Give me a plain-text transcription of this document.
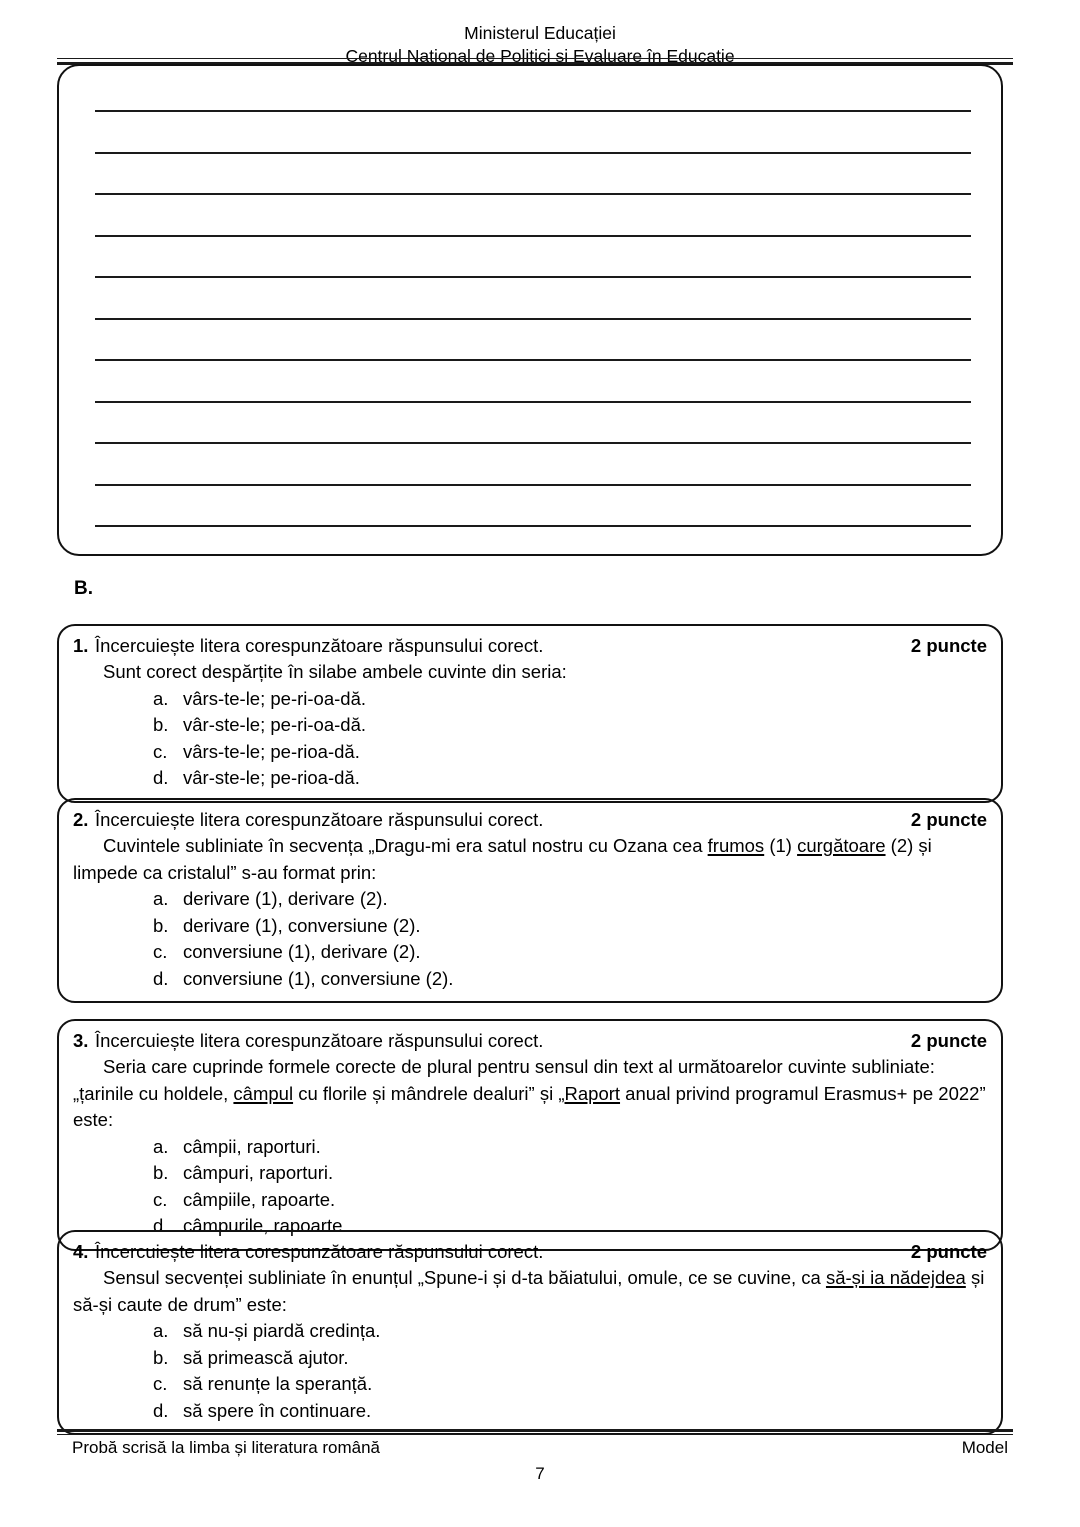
Ministerul Educației
Centrul Național de Politici și Evaluare în Educație
B.
1. Încercuiește litera corespunzătoare răspunsului corect.	2 puncte
Sunt corect despărțite în silabe ambele cuvinte din seria:
a. vârs-te-le; pe-ri-oa-dă.
b. vâr-ste-le; pe-ri-oa-dă.
c. vârs-te-le; pe-rioa-dă.
d. vâr-ste-le; pe-rioa-dă.
2. Încercuiește litera corespunzătoare răspunsului corect.	2 puncte
Cuvintele subliniate în secvența „Dragu-mi era satul nostru cu Ozana cea frumos (1) curgătoare (2) și limpede ca cristalul” s-au format prin:
a. derivare (1), derivare (2).
b. derivare (1), conversiune (2).
c. conversiune (1), derivare (2).
d. conversiune (1), conversiune (2).
3. Încercuiește litera corespunzătoare răspunsului corect.	2 puncte
Seria care cuprinde formele corecte de plural pentru sensul din text al următoarelor cuvinte subliniate: „țarinile cu holdele, câmpul cu florile și mândrele dealuri” și „Raport anual privind programul Erasmus+ pe 2022” este:
a. câmpii, raporturi.
b. câmpuri, raporturi.
c. câmpiile, rapoarte.
d. câmpurile, rapoarte.
4. Încercuiește litera corespunzătoare răspunsului corect.	2 puncte
Sensul secvenței subliniate în enunțul „Spune-i și d-ta băiatului, omule, ce se cuvine, ca să-și ia nădejdea și să-și caute de drum” este:
a. să nu-și piardă credința.
b. să primească ajutor.
c. să renunțe la speranță.
d. să spere în continuare.
Probă scrisă la limba și literatura română	Model
7
